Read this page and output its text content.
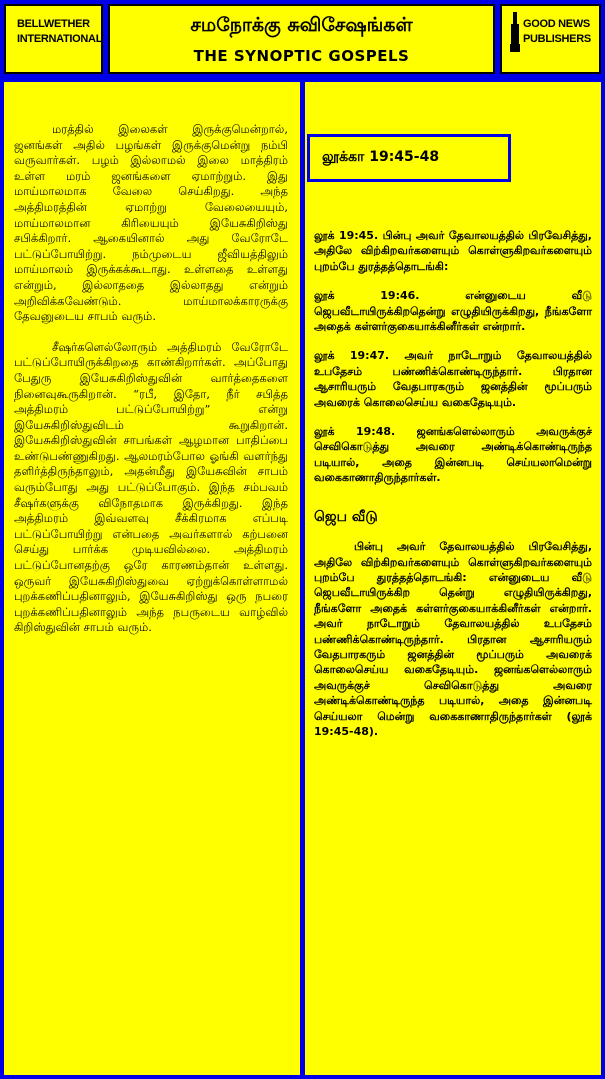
BELLWETHER
INTERNATIONAL
சமநோக்கு சுவிசேஷங்கள்
THE SYNOPTIC GOSPELS
GOOD NEWS
PUBLISHERS

மரத்தில் இலைகள் இருக்குமென்றால், ஜனங்கள் அதில் பழங்கள் இருக்குமென்று நம்பி வருவார்கள். பழம் இல்லாமல் இலை மாத்திரம் உள்ள மரம் ஜனங்களை ஏமாற்றும். இது மாய்மாலமாக வேலை செய்கிறது. அந்த அத்திமரத்தின் ஏமாற்று வேலையையும், மாய்மாலமான கிரியையும் இயேசுகிறிஸ்து சபிக்கிறார். ஆகையினால் அது வேரோடே பட்டுப்போயிற்று. நம்முடைய ஜீவியத்திலும் மாய்மாலம் இருக்கக்கூடாது. உள்ளதை உள்ளது என்றும், இல்லாததை இல்லாதது என்றும் அறிவிக்கவேண்டும். மாய்மாலக்காரருக்கு தேவனுடைய சாபம் வரும்.

சீஷர்களெல்லோரும் அத்திமரம் வேரோடே பட்டுப்போயிருக்கிறதை காண்கிறார்கள். அப்போது பேதுரு இயேசுகிறிஸ்துவின் வார்த்தைகளை நினைவுகூருகிறான். “ரபீ, இதோ, நீர் சபித்த அத்திமரம் பட்டுப்போயிற்று” என்று இயேசுகிறிஸ்துவிடம் கூறுகிறான். இயேசுகிறிஸ்துவின் சாபங்கள் ஆழமான பாதிப்பை உண்டுபண்ணுகிறது. ஆலமரம்போல ஓங்கி வளர்ந்து தளிர்த்திருந்தாலும், அதன்மீது இயேசுவின் சாபம் வரும்போது அது பட்டுப்போகும். இந்த சம்பவம் சீஷர்களுக்கு விநோதமாக இருக்கிறது. இந்த அத்திமரம் இவ்வளவு சீக்கிரமாக எப்படி பட்டுப்போயிற்று என்பதை அவர்களால் கற்பனை செய்து பார்க்க முடியவில்லை. அத்திமரம் பட்டுப்போனதற்கு ஒரே காரணம்தான் உள்ளது. ஒருவர் இயேசுகிறிஸ்துவை ஏற்றுக்கொள்ளாமல் புறக்கணிப்பதினாலும், இயேசுகிறிஸ்து ஒரு நபரை புறக்கணிப்பதினாலும் அந்த நபருடைய வாழ்வில் கிறிஸ்துவின் சாபம் வரும்.

லூக்கா 19:45-48

லூக் 19:45. பின்பு அவர் தேவாலயத்தில் பிரவேசித்து, அதிலே விற்கிறவர்களையும் கொள்ளுகிறவர்களையும் புறம்பே துரத்தத்தொடங்கி:

லூக் 19:46. என்னுடைய வீடு ஜெபவீடாயிருக்கிறதென்று எழுதியிருக்கிறது, நீங்களோ அதைக் கள்ளர்குகையாக்கினீர்கள் என்றார்.

லூக் 19:47. அவர் நாடோறும் தேவாலயத்தில் உபதேசம் பண்ணிக்கொண்டிருந்தார். பிரதான ஆசாரியரும் வேதபாரகரும் ஜனத்தின் மூப்பரும் அவரைக் கொலைசெய்ய வகைதேடியும்.

லூக் 19:48. ஜனங்களெல்லாரும் அவருக்குச் செவிகொடுத்து அவரை அண்டிக்கொண்டிருந்த படியால், அதை இன்னபடி செய்யலாமென்று வகைகாணாதிருந்தார்கள்.

ஜெப வீடு

பின்பு அவர் தேவாலயத்தில் பிரவேசித்து, அதிலே விற்கிறவர்களையும் கொள்ளுகிறவர்களையும் புறம்பே துரத்தத்தொடங்கி: என்னுடைய வீடு ஜெபவீடாயிருக்கிற தென்று எழுதியிருக்கிறது, நீங்களோ அதைக் கள்ளர்குகையாக்கினீர்கள் என்றார். அவர் நாடோறும் தேவாலயத்தில் உபதேசம் பண்ணிக்கொண்டிருந்தார். பிரதான ஆசாரியரும் வேதபாரகரும் ஜனத்தின் மூப்பரும் அவரைக் கொலைசெய்ய வகைதேடியும். ஜனங்களெல்லாரும் அவருக்குச் செவிகொடுத்து அவரை அண்டிக்கொண்டிருந்த படியால், அதை இன்னபடி செய்யலா மென்று வகைகாணாதிருந்தார்கள் (லூக் 19:45-48).
